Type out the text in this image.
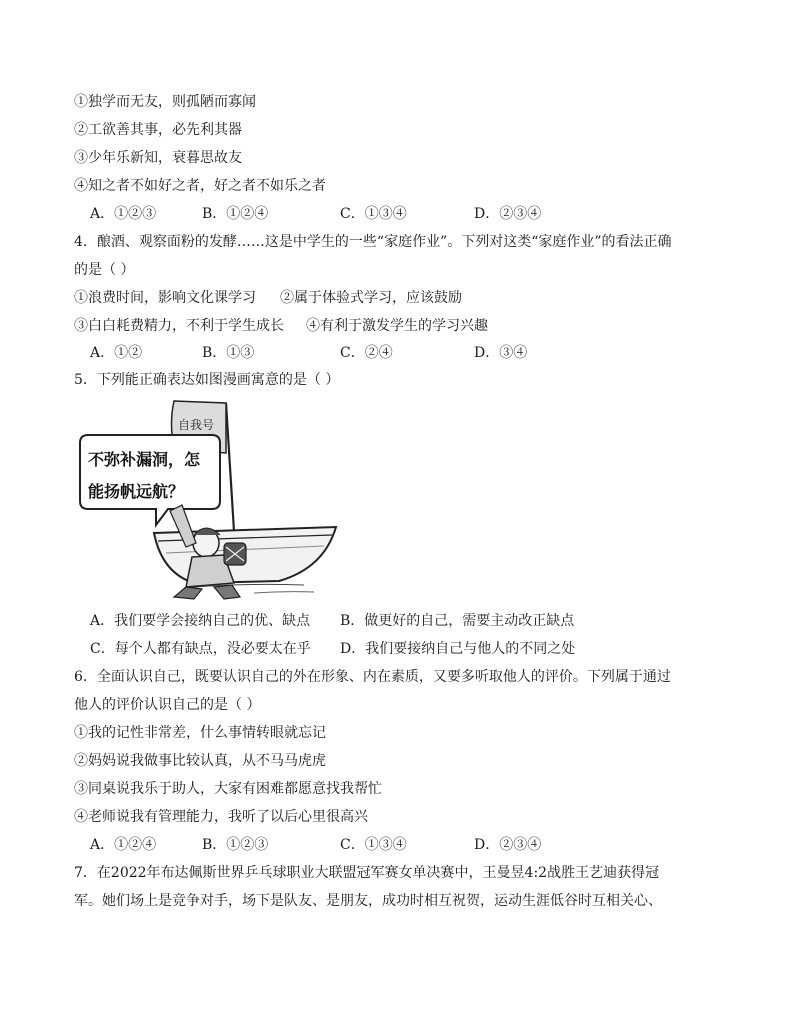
①独学而无友，则孤陋而寡闻
②工欲善其事，必先利其器
③少年乐新知，衰暮思故友
④知之者不如好之者，好之者不如乐之者
A．①②③	B．①②④	C．①③④	D．②③④
4．酿酒、观察面粉的发酵……这是中学生的一些“家庭作业”。下列对这类“家庭作业”的看法正确
的是（ ）
①浪费时间，影响文化课学习 ②属于体验式学习，应该鼓励
③白白耗费精力，不利于学生成长 ④有利于激发学生的学习兴趣
A．①②	B．①③	C．②④	D．③④
5．下列能正确表达如图漫画寓意的是（ ）
自我号
不弥补漏洞，怎
能扬帆远航？
A．我们要学会接纳自己的优、缺点 B．做更好的自己，需要主动改正缺点
C．每个人都有缺点，没必要太在乎 D．我们要接纳自己与他人的不同之处
6．全面认识自己，既要认识自己的外在形象、内在素质，又要多听取他人的评价。下列属于通过
他人的评价认识自己的是（ ）
①我的记性非常差，什么事情转眼就忘记
②妈妈说我做事比较认真，从不马马虎虎
③同桌说我乐于助人，大家有困难都愿意找我帮忙
④老师说我有管理能力，我听了以后心里很高兴
A．①②④	B．①②③	C．①③④	D．②③④
7．在2022年布达佩斯世界乒乓球职业大联盟冠军赛女单决赛中，王曼昱4:2战胜王艺迪获得冠
军。她们场上是竞争对手，场下是队友、是朋友，成功时相互祝贺，运动生涯低谷时互相关心、
